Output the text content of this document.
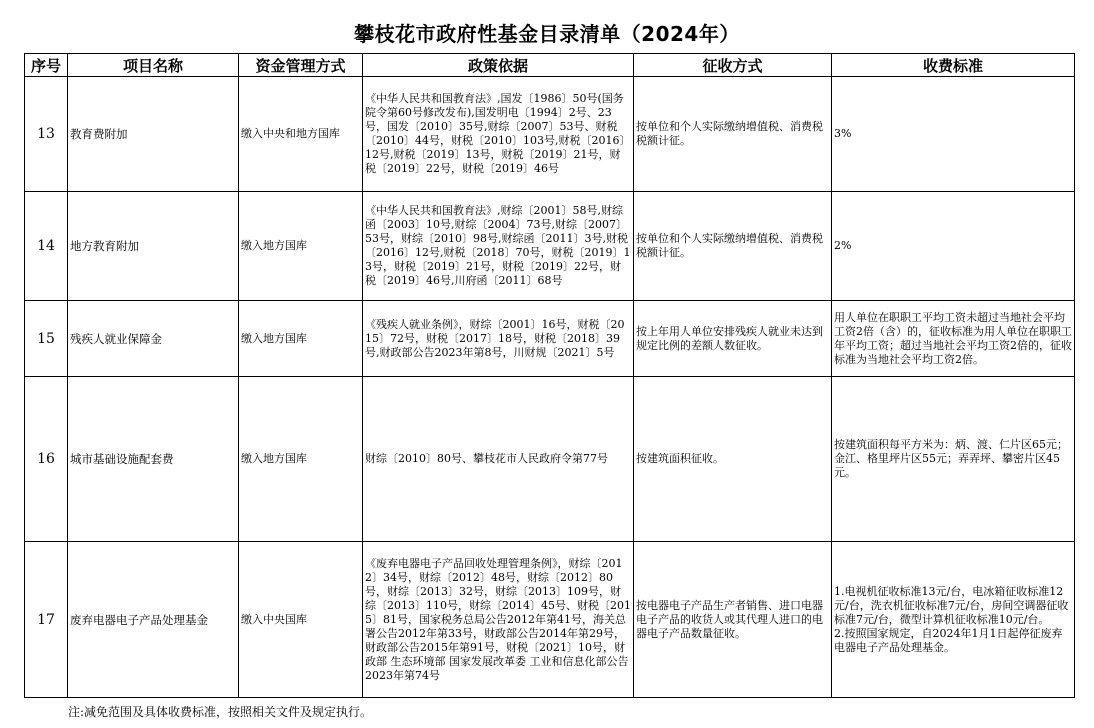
攀枝花市政府性基金目录清单（2024年）
序号	项目名称	资金管理方式	政策依据	征收方式	收费标准
13	教育费附加	缴入中央和地方国库	《中华人民共和国教育法》,国发〔1986〕50号(国务院令第60号修改发布),国发明电〔1994〕2号、23号，国发〔2010〕35号,财综〔2007〕53号、财税〔2010〕44号，财税〔2010〕103号,财税〔2016〕12号,财税〔2019〕13号，财税〔2019〕21号，财税〔2019〕22号，财税〔2019〕46号	按单位和个人实际缴纳增值税、消费税税额计征。	3%
14	地方教育附加	缴入地方国库	《中华人民共和国教育法》,财综〔2001〕58号,财综函〔2003〕10号,财综〔2004〕73号,财综〔2007〕53号，财综〔2010〕98号,财综函〔2011〕3号,财税〔2016〕12号,财税〔2018〕70号，财税〔2019〕13号，财税〔2019〕21号，财税〔2019〕22号，财税〔2019〕46号,川府函〔2011〕68号	按单位和个人实际缴纳增值税、消费税税额计征。	2%
15	残疾人就业保障金	缴入地方国库	《残疾人就业条例》，财综〔2001〕16号，财税〔2015〕72号，财税〔2017〕18号，财税〔2018〕39号,财政部公告2023年第8号，川财规〔2021〕5号	按上年用人单位安排残疾人就业未达到规定比例的差额人数征收。	用人单位在职职工平均工资未超过当地社会平均工资2倍（含）的，征收标准为用人单位在职职工年平均工资；超过当地社会平均工资2倍的，征收标准为当地社会平均工资2倍。
16	城市基础设施配套费	缴入地方国库	财综〔2010〕80号、攀枝花市人民政府令第77号	按建筑面积征收。	按建筑面积每平方米为：炳、渡、仁片区65元；金江、格里坪片区55元；弄弄坪、攀密片区45元。
17	废弃电器电子产品处理基金	缴入中央国库	《废弃电器电子产品回收处理管理条例》，财综〔2012〕34号，财综〔2012〕48号，财综〔2012〕80号，财综〔2013〕32号，财综〔2013〕109号，财综〔2013〕110号，财综〔2014〕45号、财税〔2015〕81号，国家税务总局公告2012年第41号，海关总署公告2012年第33号，财政部公告2014年第29号，财政部公告2015年第91号，财税〔2021〕10号，财政部 生态环境部 国家发展改革委 工业和信息化部公告2023年第74号	按电器电子产品生产者销售、进口电器电子产品的收货人或其代理人进口的电器电子产品数量征收。	1.电视机征收标准13元/台，电冰箱征收标准12元/台，洗衣机征收标准7元/台，房间空调器征收标准7元/台，微型计算机征收标准10元/台。
2.按照国家规定，自2024年1月1日起停征废弃电器电子产品处理基金。
注:减免范围及具体收费标准，按照相关文件及规定执行。
